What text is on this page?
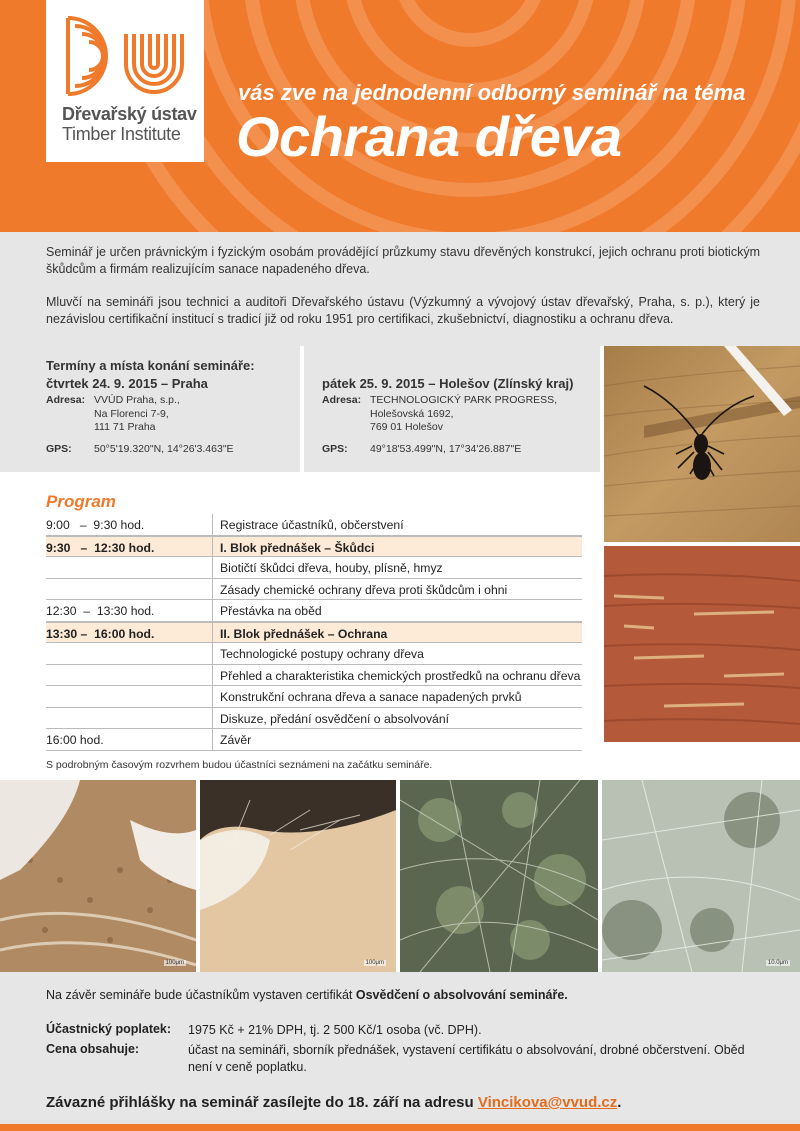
Dřevařský ústav
Timber Institute
vás zve na jednodenní odborný seminář na téma
Ochrana dřeva

Seminář je určen právnickým i fyzickým osobám provádějící průzkumy stavu dřevěných konstrukcí, jejich ochranu proti biotickým škůdcům a firmám realizujícím sanace napadeného dřeva.

Mluvčí na semináři jsou technici a auditoři Dřevařského ústavu (Výzkumný a vývojový ústav dřevařský, Praha, s. p.), který je nezávislou certifikační institucí s tradicí již od roku 1951 pro certifikaci, zkušebnictví, diagnostiku a ochranu dřeva.

Termíny a místa konání semináře:
čtvrtek 24. 9. 2015 – Praha
Adresa: VVÚD Praha, s.p.,
Na Florenci 7-9,
111 71 Praha
GPS:	50°5'19.320"N, 14°26'3.463"E
pátek 25. 9. 2015 – Holešov (Zlínský kraj)
Adresa: TECHNOLOGICKÝ PARK PROGRESS,
Holešovská 1692,
769 01 Holešov
GPS:	49°18'53.499"N, 17°34'26.887"E
Program
9:00   –  9:30 hod.	Registrace účastníků, občerstvení
9:30   –  12:30 hod.	I. Blok přednášek – Škůdci
Biotičtí škůdci dřeva, houby, plísně, hmyz
Zásady chemické ochrany dřeva proti škůdcům i ohni
12:30  –  13:30 hod.	Přestávka na oběd
13:30 –  16:00 hod.	II. Blok přednášek – Ochrana
Technologické postupy ochrany dřeva
Přehled a charakteristika chemických prostředků na ochranu dřeva
Konstrukční ochrana dřeva a sanace napadených prvků
Diskuze, předání osvědčení o absolvování
16:00 hod.	Závěr
S podrobným časovým rozvrhem budou účastníci seznámeni na začátku semináře.
100μm	100μm	10.0μm
Na závěr semináře bude účastníkům vystaven certifikát Osvědčení o absolvování semináře.
Účastnický poplatek:	1975 Kč + 21% DPH, tj. 2 500 Kč/1 osoba (vč. DPH).
Cena obsahuje:	účast na semináři, sborník přednášek, vystavení certifikátu o absolvování, drobné občerstvení. Oběd není v ceně poplatku.
Závazné přihlášky na seminář zasílejte do 18. září na adresu Vincikova@vvud.cz.
